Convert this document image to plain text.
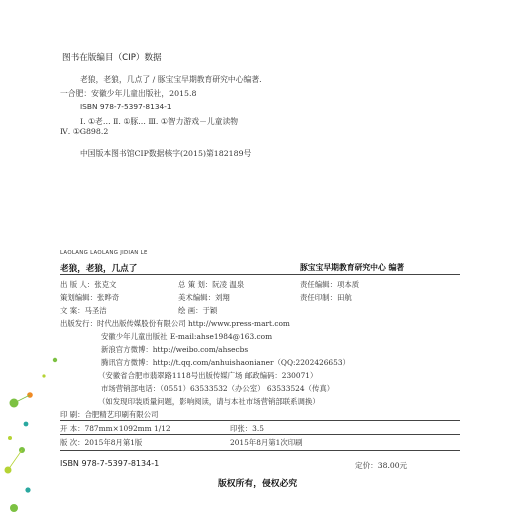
图书在版编目（CIP）数据
老狼，老狼，几点了 / 豚宝宝早期教育研究中心编著.
一合肥：安徽少年儿童出版社，2015.8
ISBN 978-7-5397-8134-1
Ⅰ. ①老… Ⅱ. ①豚… Ⅲ. ①智力游戏－儿童读物
Ⅳ. ①G898.2
中国版本图书馆CIP数据核字(2015)第182189号
LAOLANG LAOLANG JIDIAN LE
老狼，老狼，几点了	豚宝宝早期教育研究中心 编著
出 版 人：张克文	总 策 划：阮凌 温泉	责任编辑：项本质
策划编辑：张晔奇	美术编辑：刘翔	责任印制：田航
文 案：马圣洁	绘 画：于颖
出版发行：时代出版传媒股份有限公司 http://www.press-mart.com
安徽少年儿童出版社 E-mail:ahse1984@163.com
新浪官方微博：http://weibo.com/ahsecbs
腾讯官方微博：http://t.qq.com/anhuishaonianer（QQ:2202426653）
（安徽省合肥市翡翠路1118号出版传媒广场 邮政编码：230071）
市场营销部电话：（0551）63533532（办公室） 63533524（传真）
（如发现印装质量问题，影响阅读，请与本社市场营销部联系调换）
印 刷：合肥精艺印刷有限公司
开 本：787mm×1092mm 1/12	印张：3.5
版 次：2015年8月第1版	2015年8月第1次印刷
ISBN 978-7-5397-8134-1	定价：38.00元
版权所有，侵权必究
